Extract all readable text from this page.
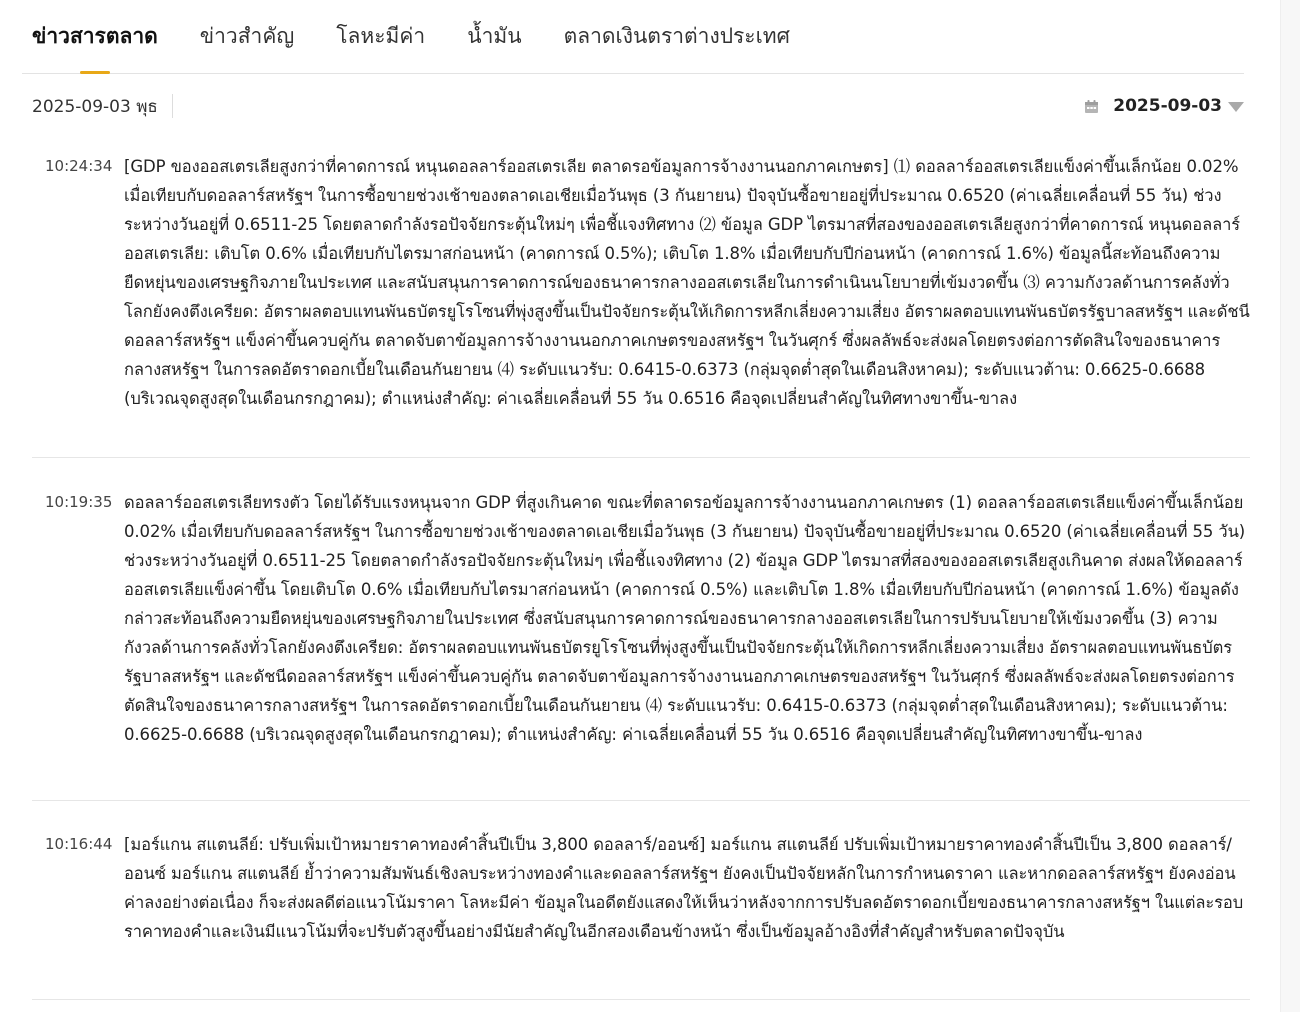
ข่าวสารตลาด ข่าวสำคัญ โลหะมีค่า น้ำมัน ตลาดเงินตราต่างประเทศ
2025-09-03 พุธ	2025-09-03
10:24:34 [GDP ของออสเตรเลียสูงกว่าที่คาดการณ์ หนุนดอลลาร์ออสเตรเลีย ตลาดรอข้อมูลการจ้างงานนอกภาคเกษตร] ⑴ ดอลลาร์ออสเตรเลียแข็งค่าขึ้นเล็กน้อย 0.02% เมื่อเทียบกับดอลลาร์สหรัฐฯ ในการซื้อขายช่วงเช้าของตลาดเอเชียเมื่อวันพุธ (3 กันยายน) ปัจจุบันซื้อขายอยู่ที่ประมาณ 0.6520 (ค่าเฉลี่ยเคลื่อนที่ 55 วัน) ช่วงระหว่างวันอยู่ที่ 0.6511-25 โดยตลาดกำลังรอปัจจัยกระตุ้นใหม่ๆ เพื่อชี้แจงทิศทาง ⑵ ข้อมูล GDP ไตรมาสที่สองของออสเตรเลียสูงกว่าที่คาดการณ์ หนุนดอลลาร์ออสเตรเลีย: เติบโต 0.6% เมื่อเทียบกับไตรมาสก่อนหน้า (คาดการณ์ 0.5%); เติบโต 1.8% เมื่อเทียบกับปีก่อนหน้า (คาดการณ์ 1.6%) ข้อมูลนี้สะท้อนถึงความยืดหยุ่นของเศรษฐกิจภายในประเทศ และสนับสนุนการคาดการณ์ของธนาคารกลางออสเตรเลียในการดำเนินนโยบายที่เข้มงวดขึ้น ⑶ ความกังวลด้านการคลังทั่วโลกยังคงตึงเครียด: อัตราผลตอบแทนพันธบัตรยูโรโซนที่พุ่งสูงขึ้นเป็นปัจจัยกระตุ้นให้เกิดการหลีกเลี่ยงความเสี่ยง อัตราผลตอบแทนพันธบัตรรัฐบาลสหรัฐฯ และดัชนีดอลลาร์สหรัฐฯ แข็งค่าขึ้นควบคู่กัน ตลาดจับตาข้อมูลการจ้างงานนอกภาคเกษตรของสหรัฐฯ ในวันศุกร์ ซึ่งผลลัพธ์จะส่งผลโดยตรงต่อการตัดสินใจของธนาคารกลางสหรัฐฯ ในการลดอัตราดอกเบี้ยในเดือนกันยายน ⑷ ระดับแนวรับ: 0.6415-0.6373 (กลุ่มจุดต่ำสุดในเดือนสิงหาคม); ระดับแนวต้าน: 0.6625-0.6688 (บริเวณจุดสูงสุดในเดือนกรกฎาคม); ตำแหน่งสำคัญ: ค่าเฉลี่ยเคลื่อนที่ 55 วัน 0.6516 คือจุดเปลี่ยนสำคัญในทิศทางขาขึ้น-ขาลง
10:19:35 ดอลลาร์ออสเตรเลียทรงตัว โดยได้รับแรงหนุนจาก GDP ที่สูงเกินคาด ขณะที่ตลาดรอข้อมูลการจ้างงานนอกภาคเกษตร (1) ดอลลาร์ออสเตรเลียแข็งค่าขึ้นเล็กน้อย 0.02% เมื่อเทียบกับดอลลาร์สหรัฐฯ ในการซื้อขายช่วงเช้าของตลาดเอเชียเมื่อวันพุธ (3 กันยายน) ปัจจุบันซื้อขายอยู่ที่ประมาณ 0.6520 (ค่าเฉลี่ยเคลื่อนที่ 55 วัน) ช่วงระหว่างวันอยู่ที่ 0.6511-25 โดยตลาดกำลังรอปัจจัยกระตุ้นใหม่ๆ เพื่อชี้แจงทิศทาง (2) ข้อมูล GDP ไตรมาสที่สองของออสเตรเลียสูงเกินคาด ส่งผลให้ดอลลาร์ออสเตรเลียแข็งค่าขึ้น โดยเติบโต 0.6% เมื่อเทียบกับไตรมาสก่อนหน้า (คาดการณ์ 0.5%) และเติบโต 1.8% เมื่อเทียบกับปีก่อนหน้า (คาดการณ์ 1.6%) ข้อมูลดังกล่าวสะท้อนถึงความยืดหยุ่นของเศรษฐกิจภายในประเทศ ซึ่งสนับสนุนการคาดการณ์ของธนาคารกลางออสเตรเลียในการปรับนโยบายให้เข้มงวดขึ้น (3) ความกังวลด้านการคลังทั่วโลกยังคงตึงเครียด: อัตราผลตอบแทนพันธบัตรยูโรโซนที่พุ่งสูงขึ้นเป็นปัจจัยกระตุ้นให้เกิดการหลีกเลี่ยงความเสี่ยง อัตราผลตอบแทนพันธบัตรรัฐบาลสหรัฐฯ และดัชนีดอลลาร์สหรัฐฯ แข็งค่าขึ้นควบคู่กัน ตลาดจับตาข้อมูลการจ้างงานนอกภาคเกษตรของสหรัฐฯ ในวันศุกร์ ซึ่งผลลัพธ์จะส่งผลโดยตรงต่อการตัดสินใจของธนาคารกลางสหรัฐฯ ในการลดอัตราดอกเบี้ยในเดือนกันยายน ⑷ ระดับแนวรับ: 0.6415-0.6373 (กลุ่มจุดต่ำสุดในเดือนสิงหาคม); ระดับแนวต้าน: 0.6625-0.6688 (บริเวณจุดสูงสุดในเดือนกรกฎาคม); ตำแหน่งสำคัญ: ค่าเฉลี่ยเคลื่อนที่ 55 วัน 0.6516 คือจุดเปลี่ยนสำคัญในทิศทางขาขึ้น-ขาลง
10:16:44 [มอร์แกน สแตนลีย์: ปรับเพิ่มเป้าหมายราคาทองคำสิ้นปีเป็น 3,800 ดอลลาร์/ออนซ์] มอร์แกน สแตนลีย์ ปรับเพิ่มเป้าหมายราคาทองคำสิ้นปีเป็น 3,800 ดอลลาร์/ออนซ์ มอร์แกน สแตนลีย์ ย้ำว่าความสัมพันธ์เชิงลบระหว่างทองคำและดอลลาร์สหรัฐฯ ยังคงเป็นปัจจัยหลักในการกำหนดราคา และหากดอลลาร์สหรัฐฯ ยังคงอ่อนค่าลงอย่างต่อเนื่อง ก็จะส่งผลดีต่อแนวโน้มราคา โลหะมีค่า ข้อมูลในอดีตยังแสดงให้เห็นว่าหลังจากการปรับลดอัตราดอกเบี้ยของธนาคารกลางสหรัฐฯ ในแต่ละรอบ ราคาทองคำและเงินมีแนวโน้มที่จะปรับตัวสูงขึ้นอย่างมีนัยสำคัญในอีกสองเดือนข้างหน้า ซึ่งเป็นข้อมูลอ้างอิงที่สำคัญสำหรับตลาดปัจจุบัน
